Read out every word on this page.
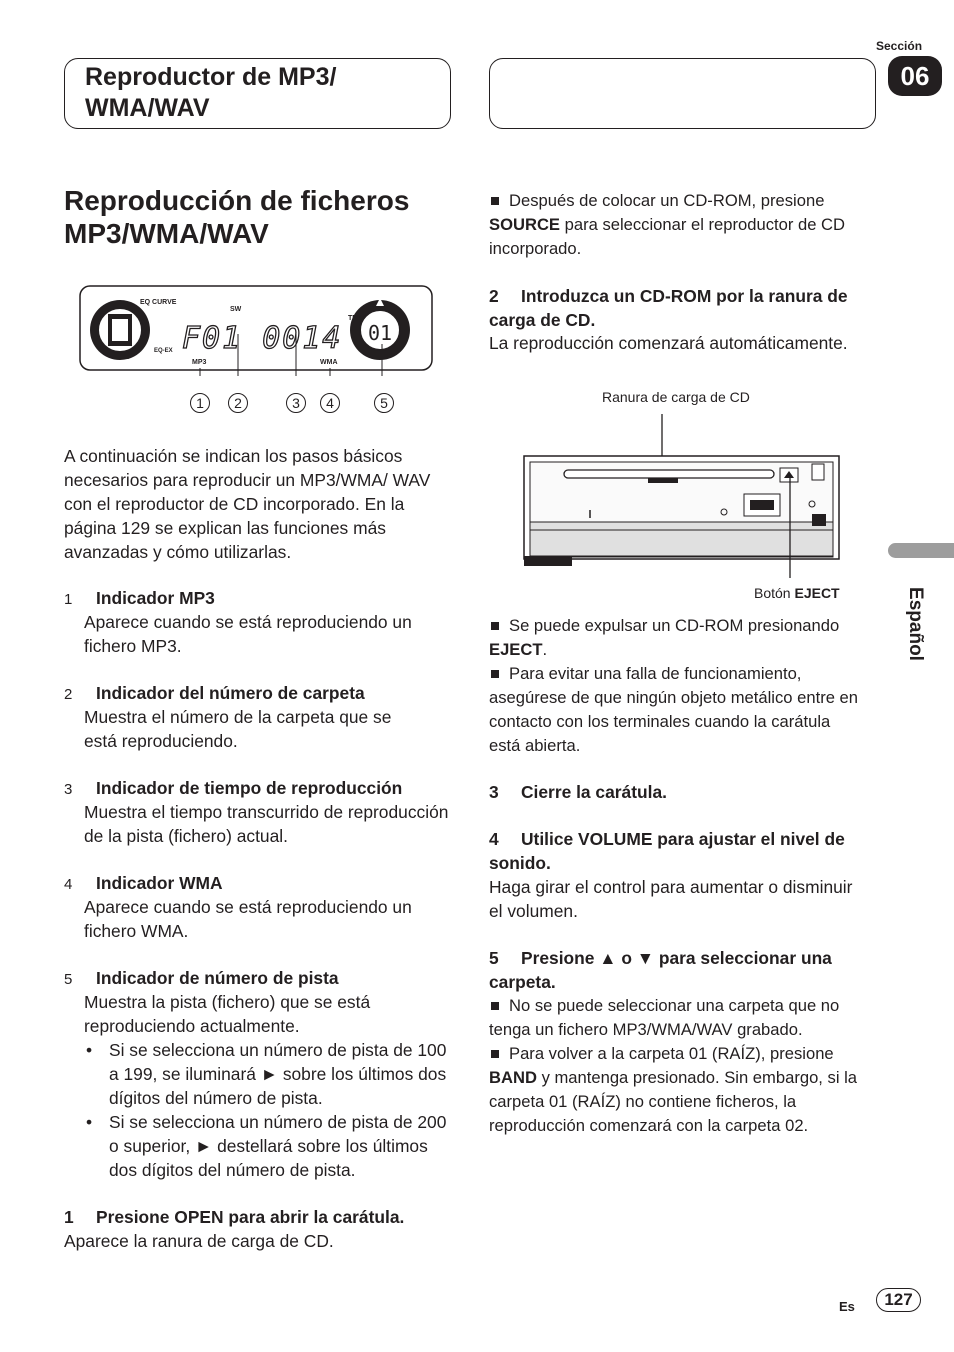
Reproductor de MP3/ WMA/WAV
Sección
06
Español
Reproducción de ficheros MP3/WMA/WAV
EQ CURVE
SW
EQ-EX
MP3	WMA
TRK
F01 0014 01
1	2	3	4	5
A continuación se indican los pasos básicos necesarios para reproducir un MP3/WMA/ WAV con el reproductor de CD incorporado. En la página 129 se explican las funciones más avanzadas y cómo utilizarlas.
1 Indicador MP3
Aparece cuando se está reproduciendo un fichero MP3.
2 Indicador del número de carpeta
Muestra el número de la carpeta que se está reproduciendo.
3 Indicador de tiempo de reproducción
Muestra el tiempo transcurrido de reproducción de la pista (fichero) actual.
4 Indicador WMA
Aparece cuando se está reproduciendo un fichero WMA.
5 Indicador de número de pista
Muestra la pista (fichero) que se está reproduciendo actualmente.
• Si se selecciona un número de pista de 100 a 199, se iluminará ► sobre los últimos dos dígitos del número de pista.
• Si se selecciona un número de pista de 200 o superior, ► destellará sobre los últimos dos dígitos del número de pista.
1 Presione OPEN para abrir la carátula.
Aparece la ranura de carga de CD.
Después de colocar un CD-ROM, presione SOURCE para seleccionar el reproductor de CD incorporado.
2 Introduzca un CD-ROM por la ranura de carga de CD.
La reproducción comenzará automáticamente.
Ranura de carga de CD
Botón EJECT
Se puede expulsar un CD-ROM presionando
EJECT.
Para evitar una falla de funcionamiento, asegúrese de que ningún objeto metálico entre en contacto con los terminales cuando la carátula está abierta.
3 Cierre la carátula.
4 Utilice VOLUME para ajustar el nivel de sonido.
Haga girar el control para aumentar o disminuir el volumen.
5 Presione ▲ o ▼ para seleccionar una carpeta.
No se puede seleccionar una carpeta que no tenga un fichero MP3/WMA/WAV grabado.
Para volver a la carpeta 01 (RAÍZ), presione BAND y mantenga presionado. Sin embargo, si la carpeta 01 (RAÍZ) no contiene ficheros, la reproducción comenzará con la carpeta 02.
Es	127
